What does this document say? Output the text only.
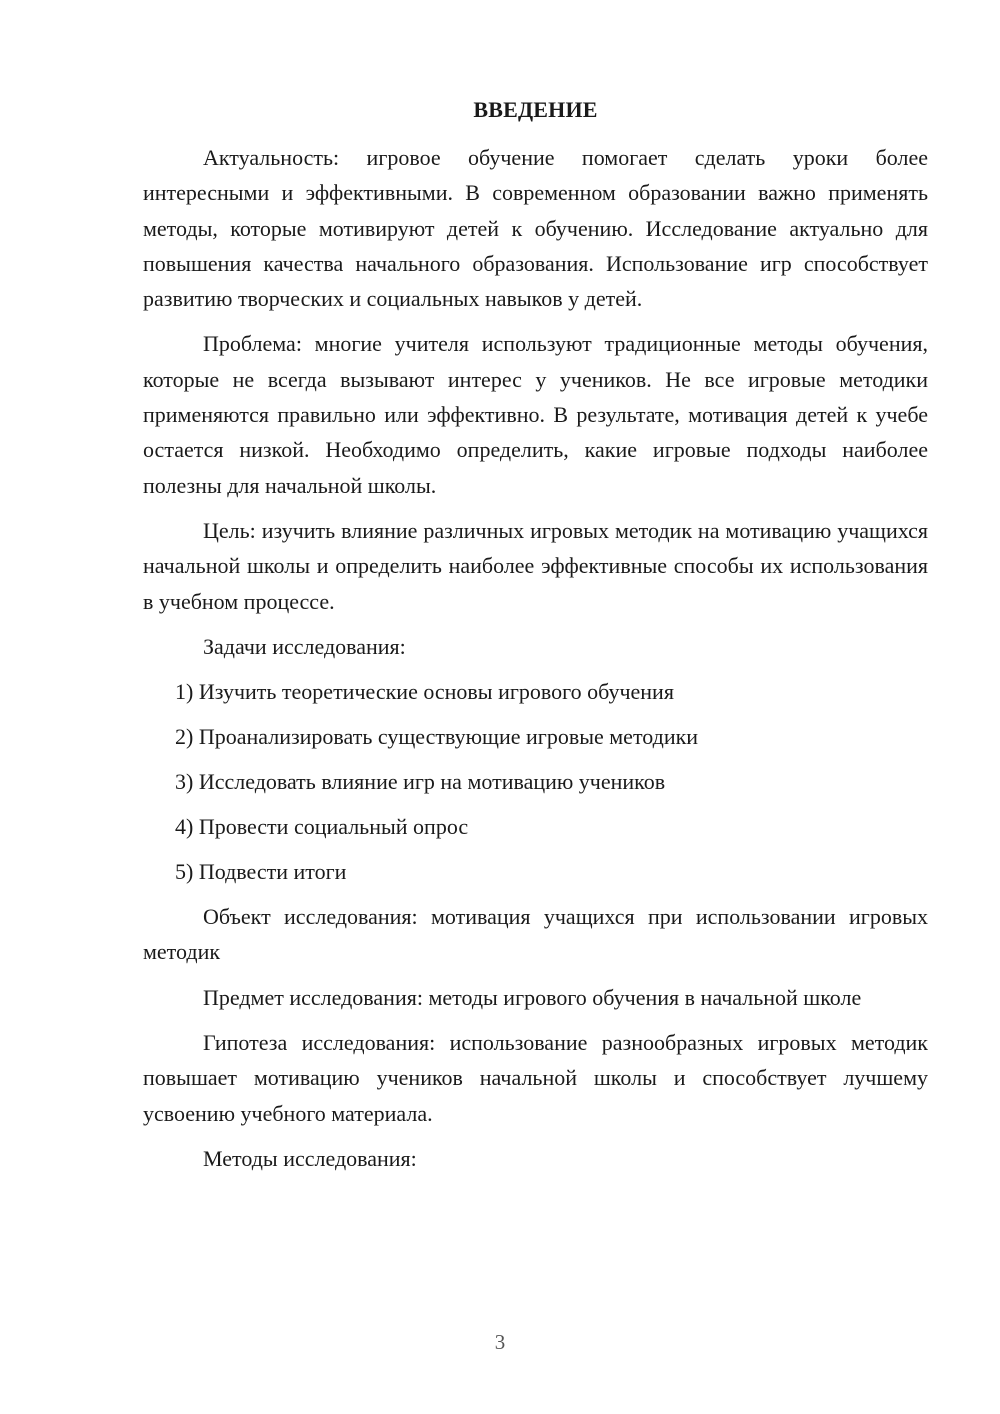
ВВЕДЕНИЕ

Актуальность: игровое обучение помогает сделать уроки более интересными и эффективными. В современном образовании важно применять методы, которые мотивируют детей к обучению. Исследование актуально для повышения качества начального образования. Использование игр способствует развитию творческих и социальных навыков у детей.

Проблема: многие учителя используют традиционные методы обучения, которые не всегда вызывают интерес у учеников. Не все игровые методики применяются правильно или эффективно. В результате, мотивация детей к учебе остается низкой. Необходимо определить, какие игровые подходы наиболее полезны для начальной школы.

Цель: изучить влияние различных игровых методик на мотивацию учащихся начальной школы и определить наиболее эффективные способы их использования в учебном процессе.

Задачи исследования:

1) Изучить теоретические основы игрового обучения
2) Проанализировать существующие игровые методики
3) Исследовать влияние игр на мотивацию учеников
4) Провести социальный опрос
5) Подвести итоги

Объект исследования: мотивация учащихся при использовании игровых методик

Предмет исследования: методы игрового обучения в начальной школе

Гипотеза исследования: использование разнообразных игровых методик повышает мотивацию учеников начальной школы и способствует лучшему усвоению учебного материала.

Методы исследования:

3
